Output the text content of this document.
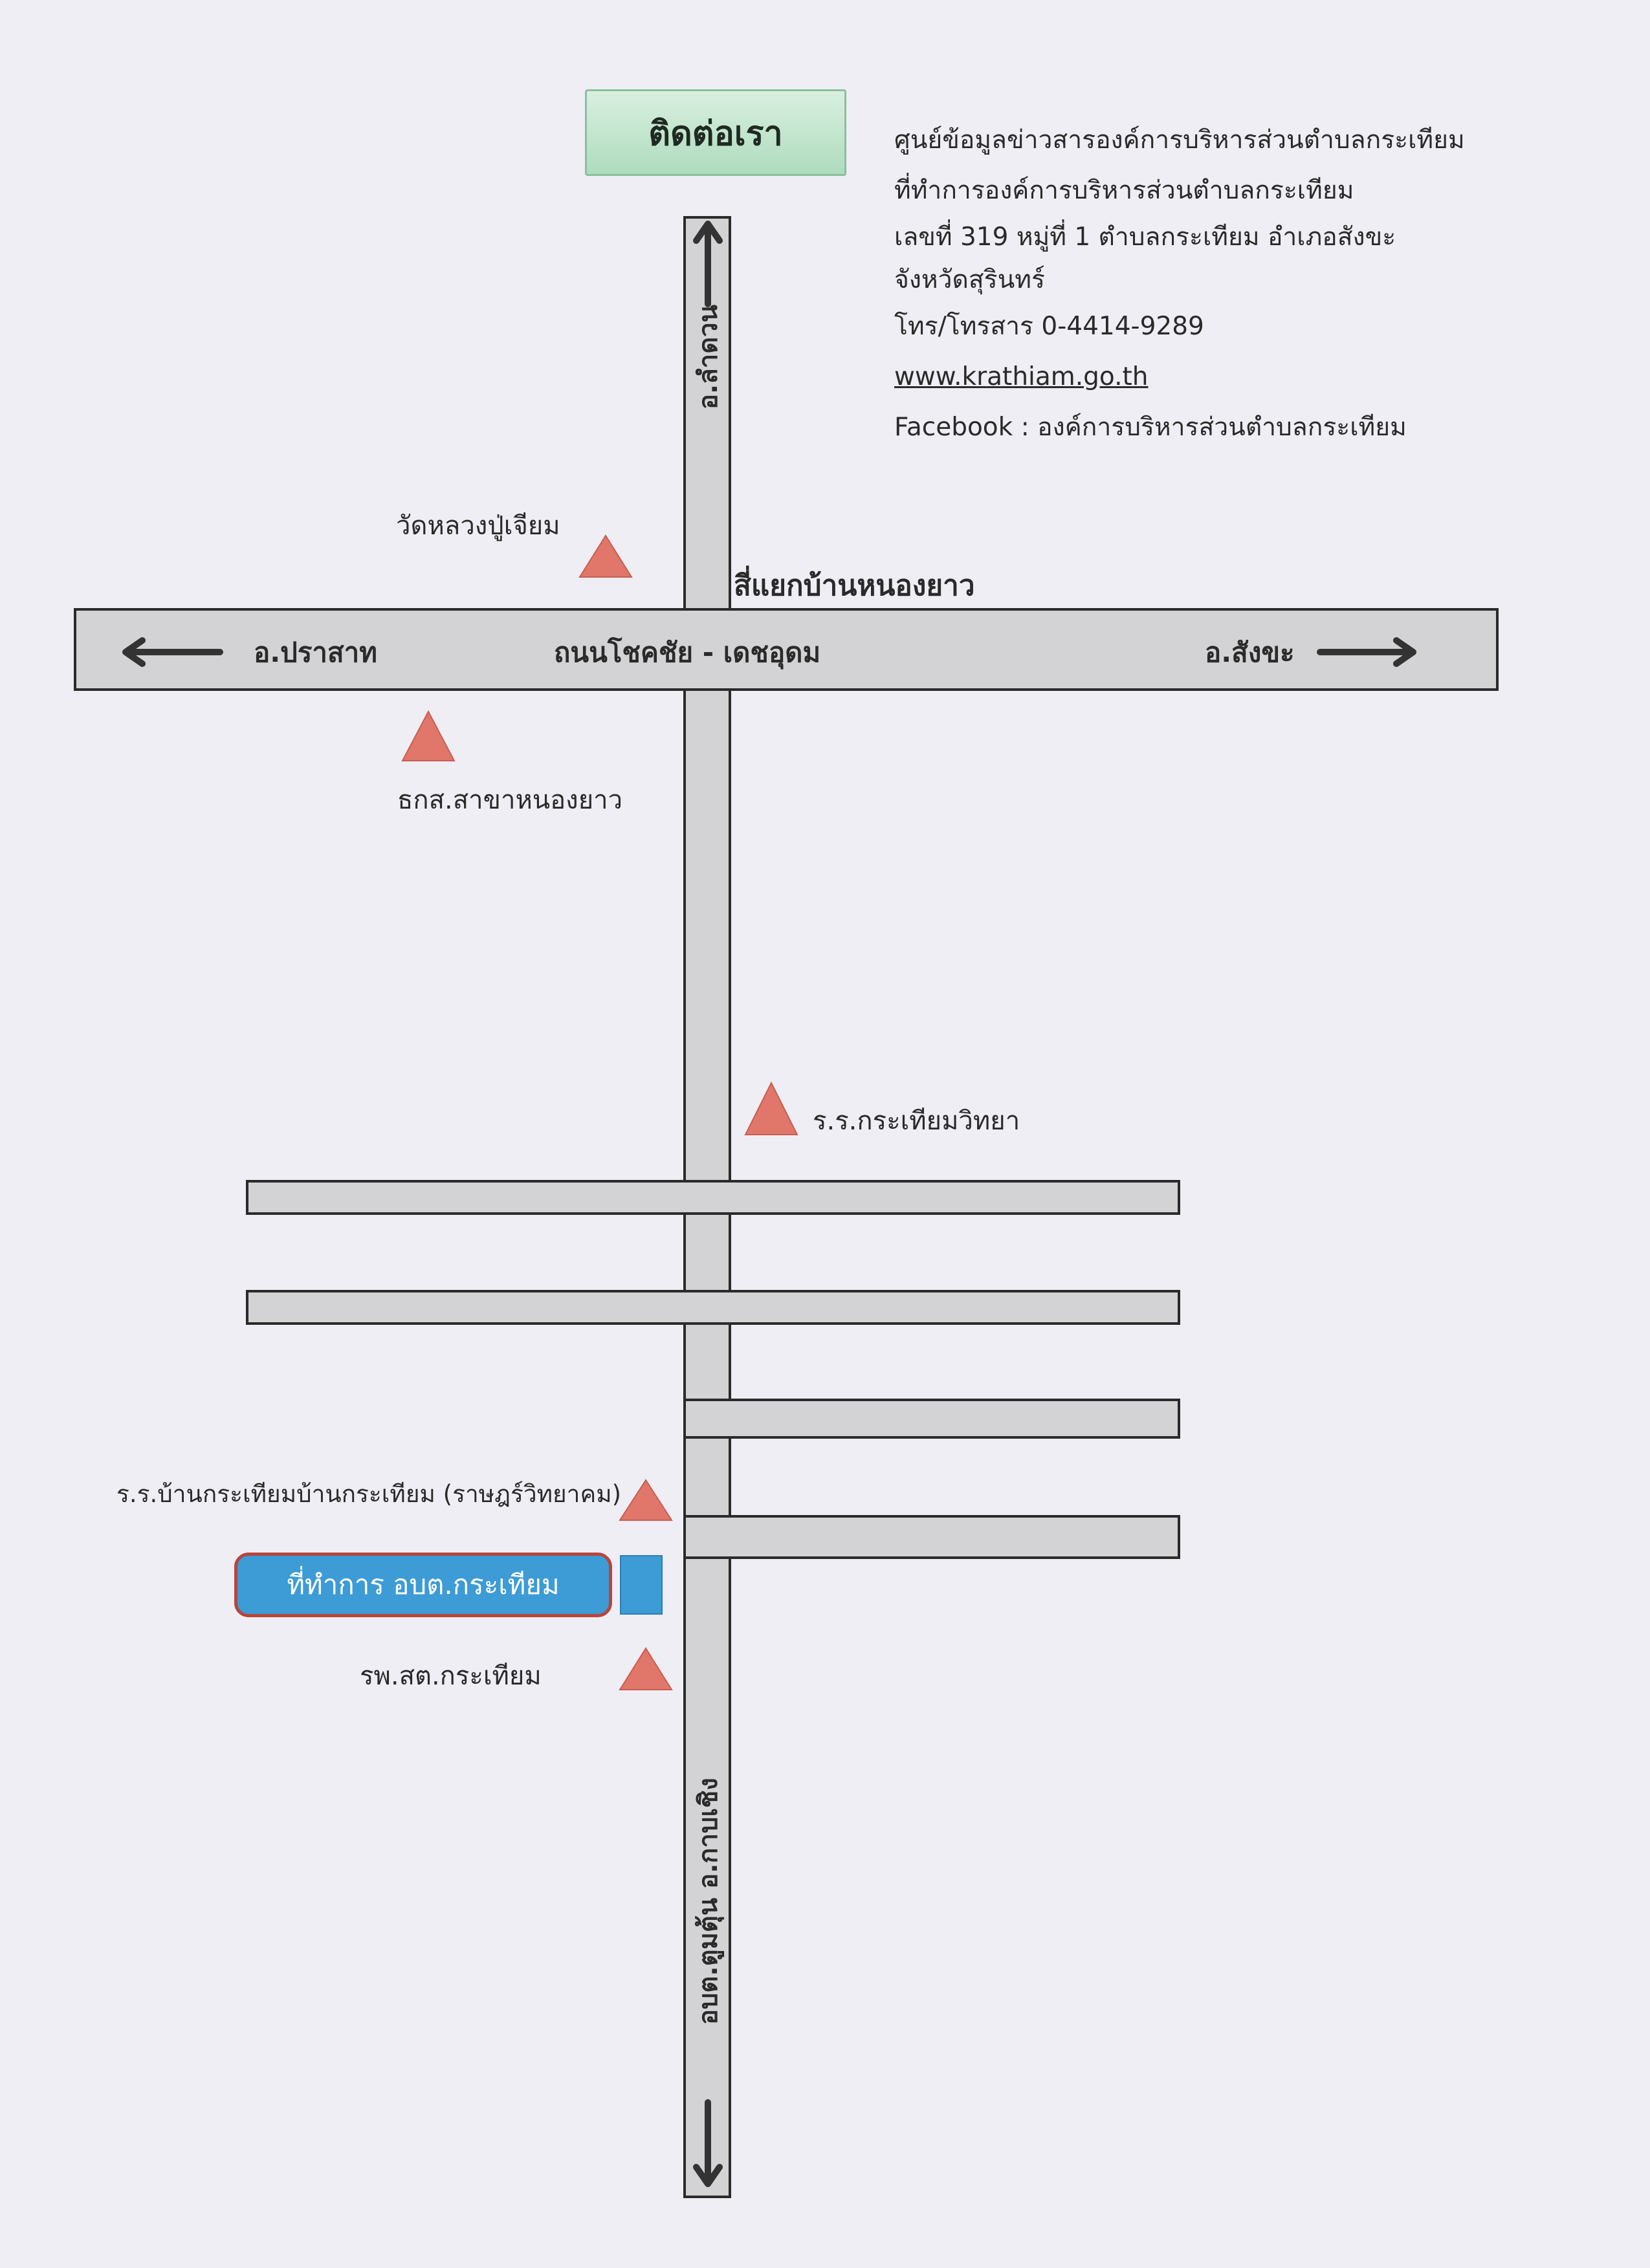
ติดต่อเรา	ศูนย์ข้อมูลข่าวสารองค์การบริหารส่วนตำบลกระเทียม
ที่ทำการองค์การบริหารส่วนตำบลกระเทียม
เลขที่ 319 หมู่ที่ 1 ตำบลกระเทียม อำเภอสังขะ
จังหวัดสุรินทร์
โทร/โทรสาร 0-4414-9289
www.krathiam.go.th
Facebook : องค์การบริหารส่วนตำบลกระเทียม
อ.ลำดวน
อบต.ตูมตุ้น อ.กาบเชิง
ถนนโชคชัย - เดชอุดม
อ.ปราสาท	อ.สังขะ
สี่แยกบ้านหนองยาว
วัดหลวงปู่เจียม
ธกส.สาขาหนองยาว
ร.ร.กระเทียมวิทยา
ร.ร.บ้านกระเทียมบ้านกระเทียม (ราษฎร์วิทยาคม)
รพ.สต.กระเทียม
ที่ทำการ อบต.กระเทียม
